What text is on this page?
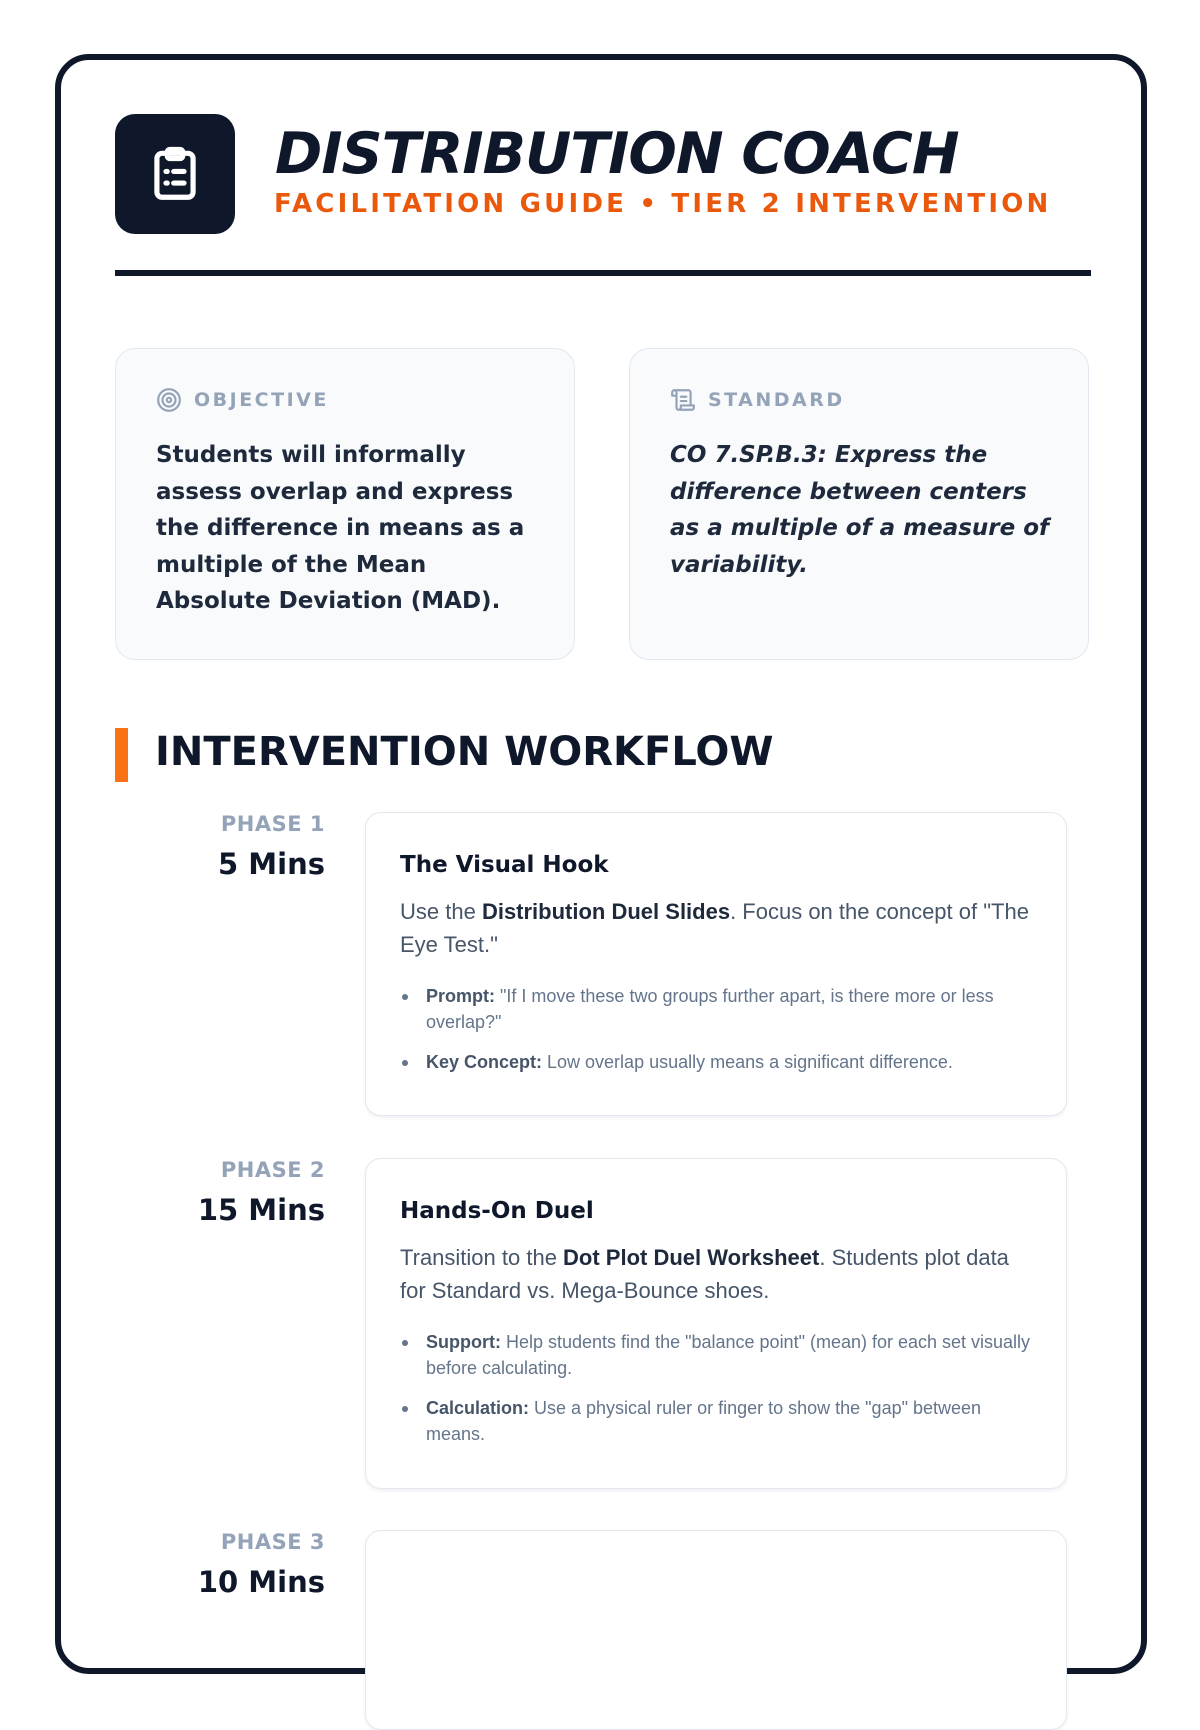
DISTRIBUTION COACH
FACILITATION GUIDE • TIER 2 INTERVENTION
OBJECTIVE
Students will informally assess overlap and express the difference in means as a multiple of the Mean Absolute Deviation (MAD).
STANDARD
CO 7.SP.B.3: Express the difference between centers as a multiple of a measure of variability.
INTERVENTION WORKFLOW
PHASE 1
5 Mins	The Visual Hook
Use the Distribution Duel Slides. Focus on the concept of "The Eye Test."
Prompt: "If I move these two groups further apart, is there more or less overlap?"
Key Concept: Low overlap usually means a significant difference.
PHASE 2
15 Mins	Hands-On Duel
Transition to the Dot Plot Duel Worksheet. Students plot data for Standard vs. Mega-Bounce shoes.
Support: Help students find the "balance point" (mean) for each set visually before calculating.
Calculation: Use a physical ruler or finger to show the "gap" between means.
PHASE 3
10 Mins
